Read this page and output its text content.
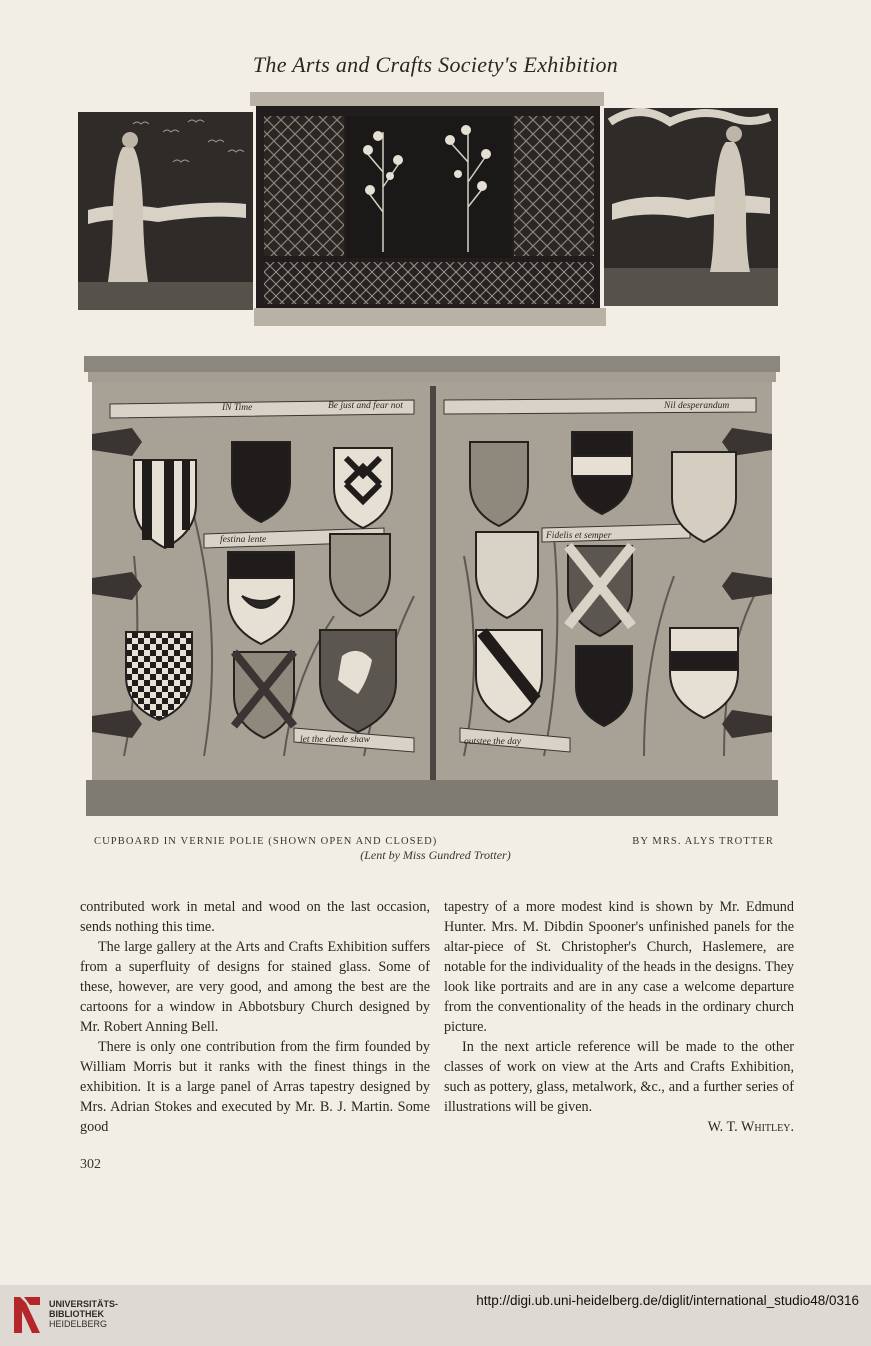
The Arts and Crafts Society's Exhibition
IN Time	Be just and fear not
festina lente
let the deede shaw
Nil desperandum
Fidelis et semper
outstee the day
CUPBOARD IN VERNIE POLIE (SHOWN OPEN AND CLOSED)	BY MRS. ALYS TROTTER
(Lent by Miss Gundred Trotter)

contributed work in metal and wood on the last occasion, sends nothing this time.

The large gallery at the Arts and Crafts Exhibition suffers from a superfluity of designs for stained glass. Some of these, however, are very good, and among the best are the cartoons for a window in Abbotsbury Church designed by Mr. Robert Anning Bell.

There is only one contribution from the firm founded by William Morris but it ranks with the finest things in the exhibition. It is a large panel of Arras tapestry designed by Mrs. Adrian Stokes and executed by Mr. B. J. Martin. Some good

tapestry of a more modest kind is shown by Mr. Edmund Hunter. Mrs. M. Dibdin Spooner's unfinished panels for the altar-piece of St. Christopher's Church, Haslemere, are notable for the individuality of the heads in the designs. They look like portraits and are in any case a welcome departure from the conventionality of the heads in the ordinary church picture.

In the next article reference will be made to the other classes of work on view at the Arts and Crafts Exhibition, such as pottery, glass, metalwork, &c., and a further series of illustrations will be given.

W. T. Whitley.

302
UNIVERSITÄTS-
BIBLIOTHEK
HEIDELBERG
http://digi.ub.uni-heidelberg.de/diglit/international_studio48/0316
